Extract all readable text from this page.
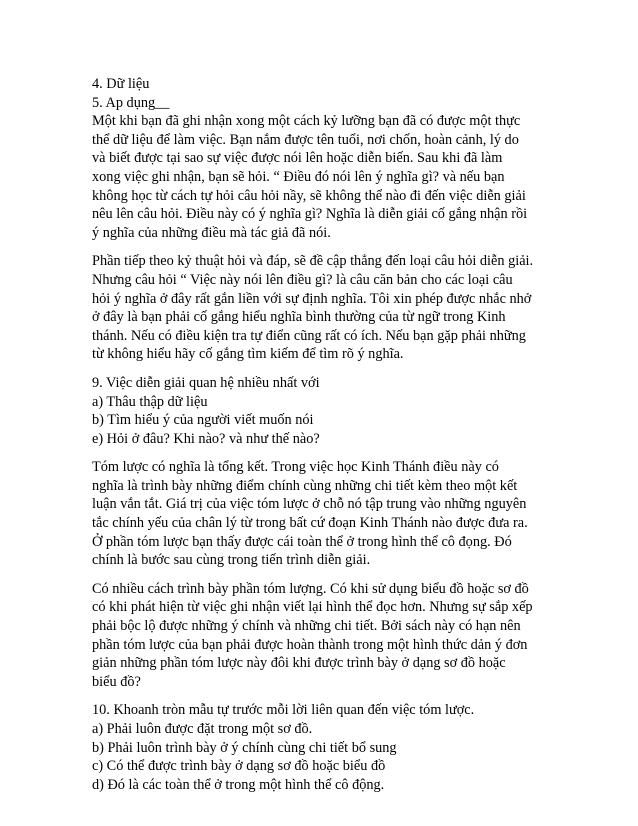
4. Dữ liệu
5. Ap dụng__
Một khi bạn đã ghi nhận xong một cách kỷ lưỡng bạn đã có được một thực
thể dữ liệu để làm việc. Bạn nắm được tên tuổi, nơi chốn, hoàn cảnh, lý do
và biết được tại sao sự việc được nói lên hoặc diễn biến. Sau khi đã làm
xong việc ghi nhận, bạn sẽ hỏi. “ Điều đó nói lên ý nghĩa gì? và nếu bạn
không học từ cách tự hỏi câu hỏi nầy, sẽ không thể nào đi đến việc diễn giải
nêu lên câu hỏi. Điều này có ý nghĩa gì? Nghĩa là diễn giải cố gắng nhận rồi
ý nghĩa của những điều mà tác giả đã nói.
Phần tiếp theo kỷ thuật hỏi và đáp, sẽ đề cập thẳng đến loại câu hỏi diễn giải.
Nhưng câu hỏi “ Việc này nói lên điều gì? là câu căn bản cho các loại câu
hỏi ý nghĩa ở đây rất gắn liền với sự định nghĩa. Tôi xin phép được nhắc nhở
ở đây là bạn phải cố gắng hiểu nghĩa bình thường của từ ngữ trong Kinh
thánh. Nếu có điều kiện tra tự điển cũng rất có ích. Nếu bạn gặp phải những
từ không hiểu hãy cố gắng tìm kiếm để tìm rõ ý nghĩa.
9. Việc diễn giải quan hệ nhiều nhất với
a) Thâu thập dữ liệu
b) Tìm hiểu ý của người viết muốn nói
e) Hỏi ở đâu? Khi nào? và như thế nào?
Tóm lược có nghĩa là tổng kết. Trong việc học Kinh Thánh điều này có
nghĩa là trình bày những điểm chính cùng những chi tiết kèm theo một kết
luận vắn tắt. Giá trị của việc tóm lược ở chỗ nó tập trung vào những nguyên
tắc chính yếu của chân lý từ trong bất cứ đoạn Kinh Thánh nào được đưa ra.
Ở phần tóm lược bạn thấy được cái toàn thể ở trong hình thể cô đọng. Đó
chính là bước sau cùng trong tiến trình diễn giải.
Có nhiều cách trình bày phần tóm lượng. Có khi sử dụng biểu đồ hoặc sơ đồ
có khi phát hiện từ việc ghi nhận viết lại hình thể đọc hơn. Nhưng sự sắp xếp
phải bộc lộ được những ý chính và những chi tiết. Bởi sách này có hạn nên
phần tóm lược của bạn phải được hoàn thành trong một hình thức dản ý đơn
giản những phần tóm lược này đôi khi được trình bày ở dạng sơ đồ hoặc
biểu đồ?
10. Khoanh tròn mẫu tự trước mỗi lời liên quan đến việc tóm lược.
a) Phải luôn được đặt trong một sơ đồ.
b) Phải luôn trình bày ở ý chính cùng chi tiết bổ sung
c) Có thể được trình bày ở dạng sơ đồ hoặc biểu đồ
d) Đó là các toàn thể ở trong một hình thể cô động.
